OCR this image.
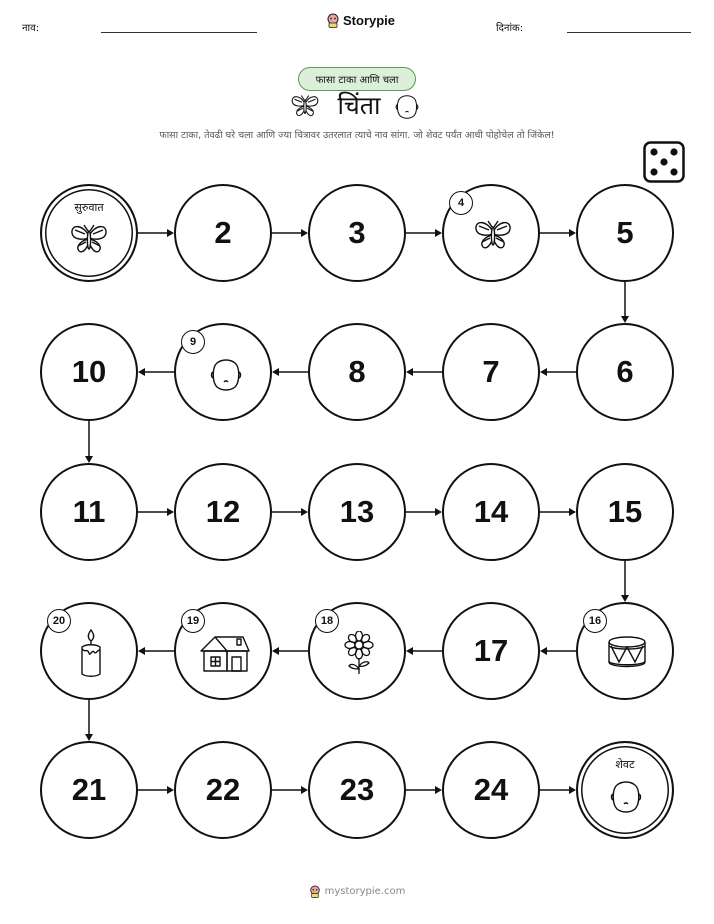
नाव:
Storypie
दिनांक:
फासा टाका आणि चला
चिंता
फासा टाका, तेवढी घरे चला आणि ज्या चित्रावर उतरलात त्याचे नाव सांगा. जो शेवट पर्यंत आधी पोहोचेल तो जिंकेल!
सुरुवात
2	3
4
5
6
7
8
9
10
11	12	13	14	15
16
17
18
19
20
21	22	23	24
शेवट
mystorypie.com
